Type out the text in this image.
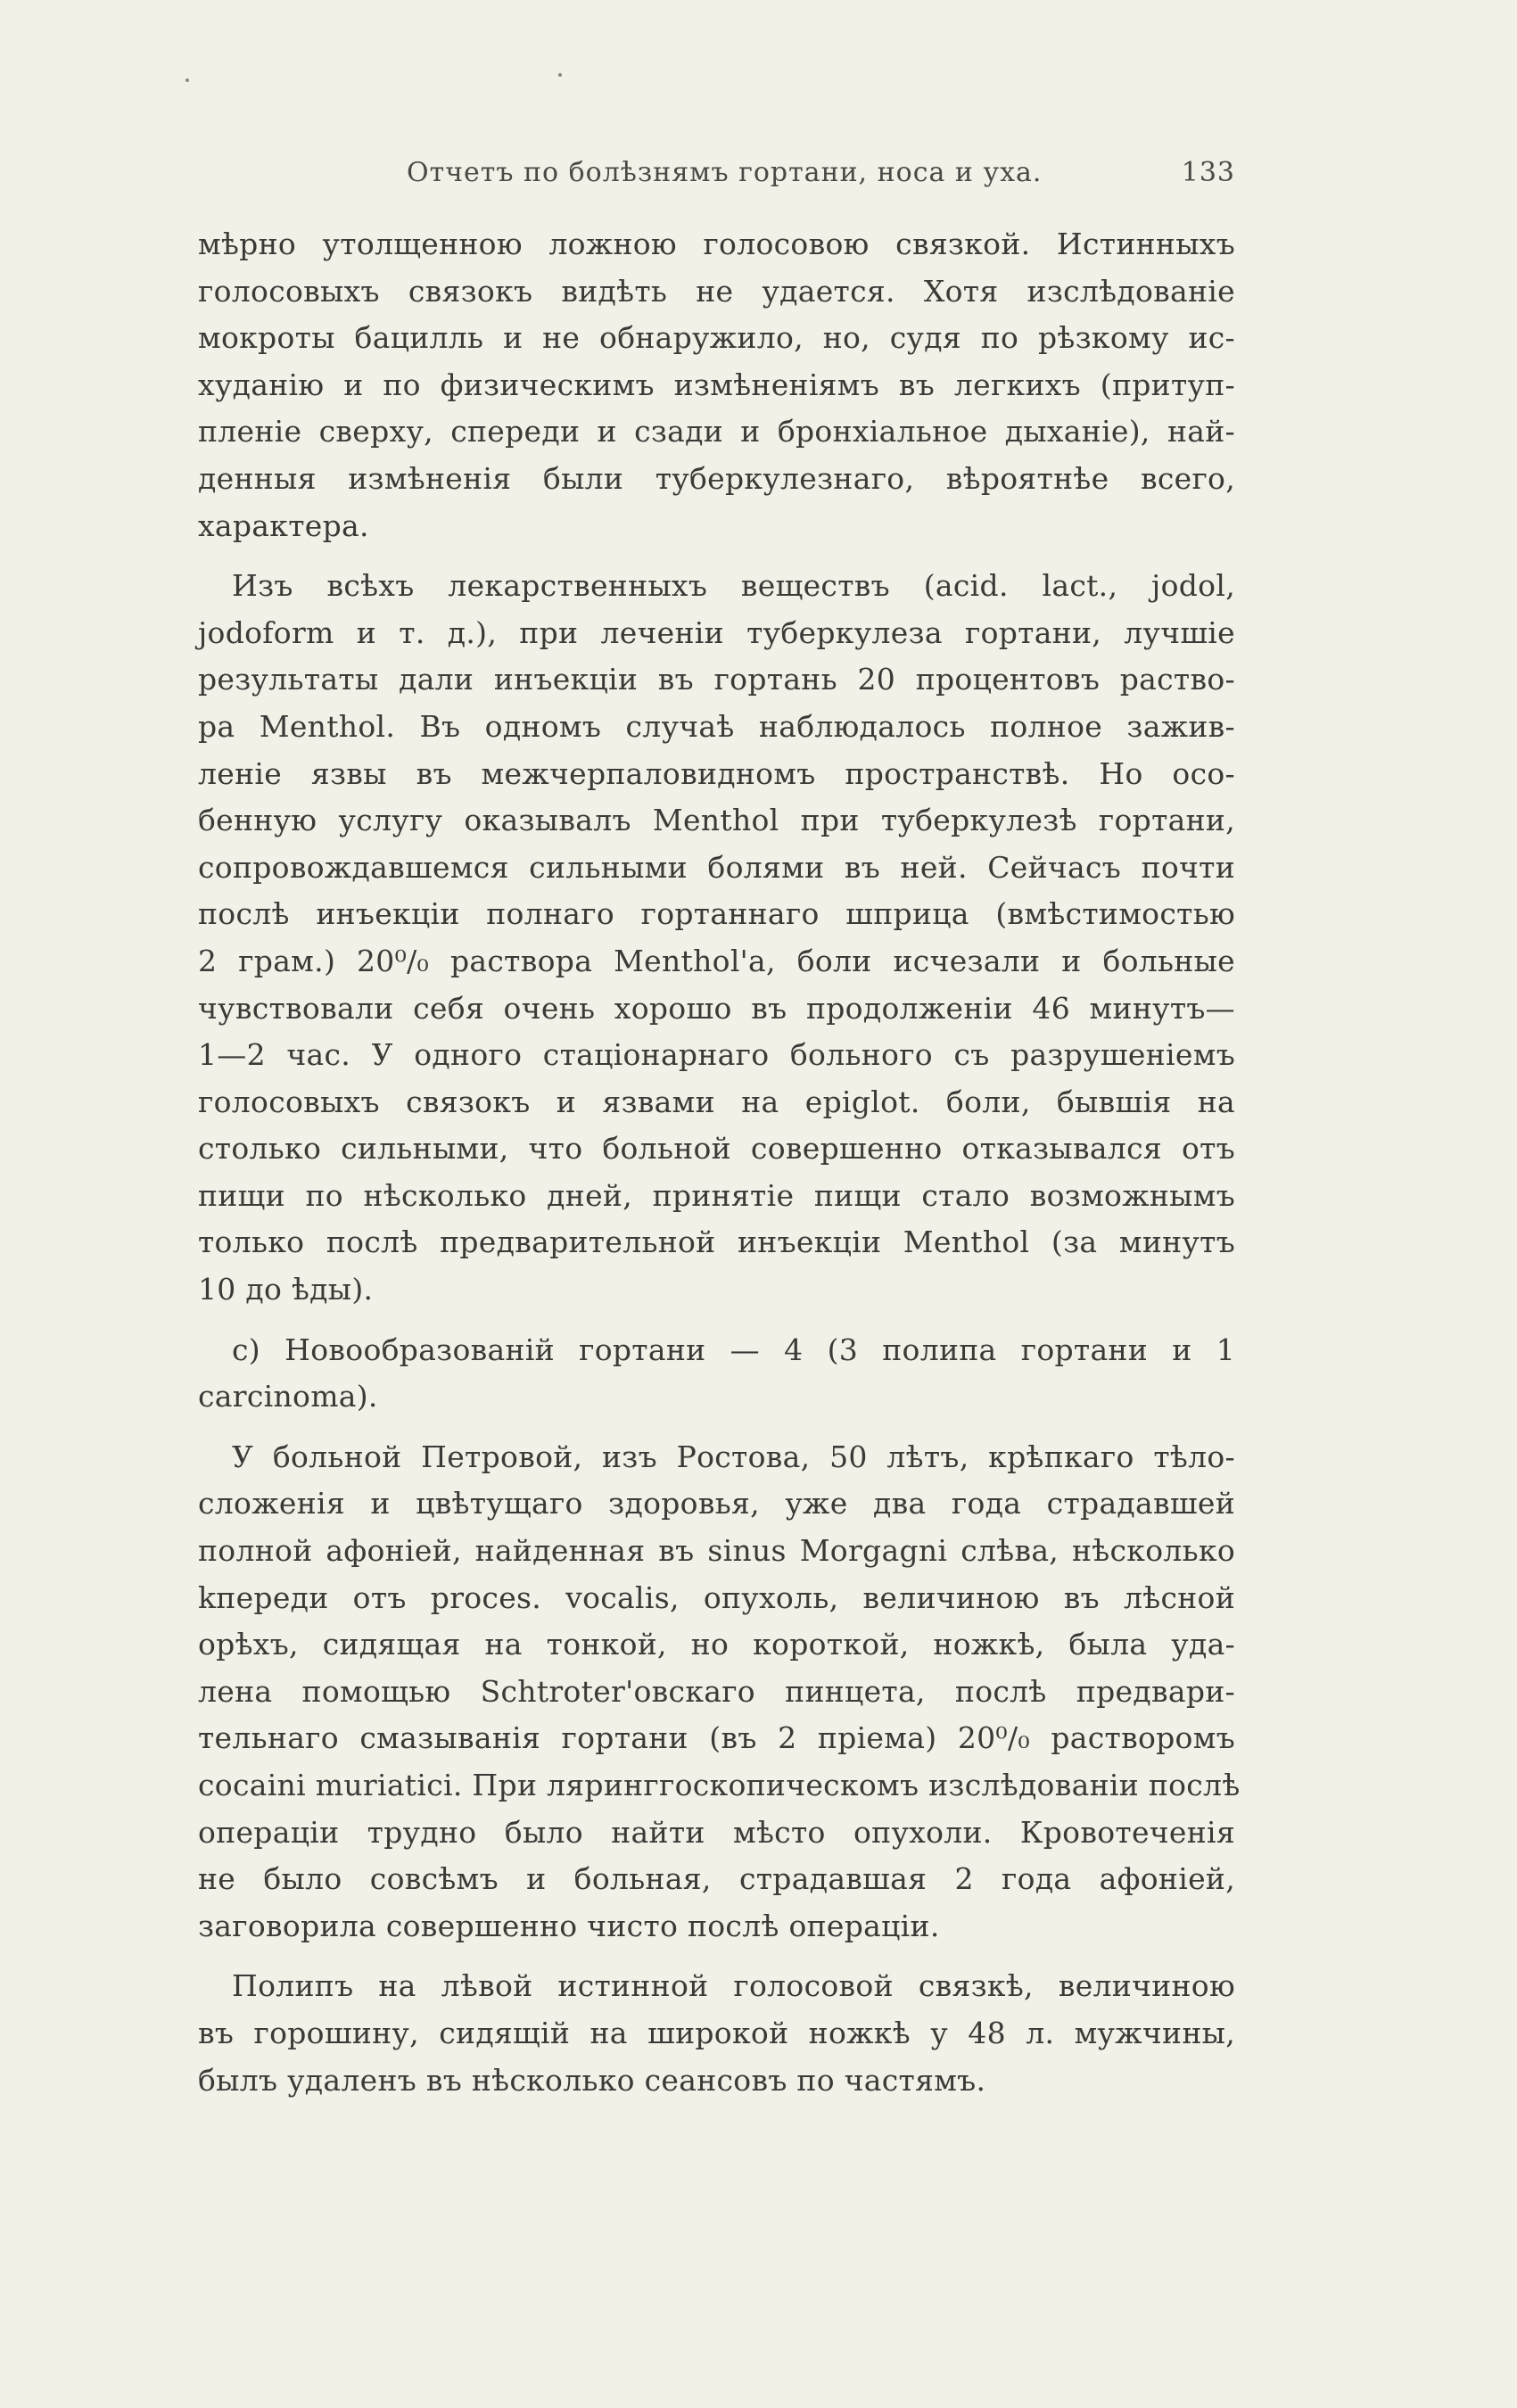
Отчетъ по болѣзнямъ гортани, носа и уха.	133
мѣрно утолщенною ложною голосовою связкой. Истинныхъ
голосовыхъ связокъ видѣть не удается. Хотя изслѣдованіе
мокроты бацилль и не обнаружило, но, судя по рѣзкому ис-
худанію и по физическимъ измѣненіямъ въ легкихъ (притуп-
пленіе сверху, спереди и сзади и бронхіальное дыханіе), най-
денныя измѣненія были туберкулезнаго, вѣроятнѣе всего,
характера.
Изъ всѣхъ лекарственныхъ веществъ (acid. lact., jodol,
jodoform и т. д.), при леченіи туберкулеза гортани, лучшіе
результаты дали инъекціи въ гортань 20 процентовъ раство-
ра Menthol. Въ одномъ случаѣ наблюдалось полное зажив-
леніе язвы въ межчерпаловидномъ пространствѣ. Но осо-
бенную услугу оказывалъ Menthol при туберкулезѣ гортани,
сопровождавшемся сильными болями въ ней. Сейчасъ почти
послѣ инъекціи полнаго гортаннаго шприца (вмѣстимостью
2 грам.) 20⁰/₀ раствора Menthol'а, боли исчезали и больные
чувствовали себя очень хорошо въ продолженіи 46 минутъ—
1—2 час. У одного стаціонарнаго больного съ разрушеніемъ
голосовыхъ связокъ и язвами на epiglot. боли, бывшія на
столько сильными, что больной совершенно отказывался отъ
пищи по нѣсколько дней, принятіе пищи стало возможнымъ
только послѣ предварительной инъекціи Menthol (за минутъ
10 до ѣды).
c) Новообразованій гортани — 4 (3 полипа гортани и 1
carcinoma).
У больной Петровой, изъ Ростова, 50 лѣтъ, крѣпкаго тѣло-
сложенія и цвѣтущаго здоровья, уже два года страдавшей
полной афоніей, найденная въ sinus Morgagni слѣва, нѣсколько
kпереди отъ proces. vocalis, опухоль, величиною въ лѣсной
орѣхъ, сидящая на тонкой, но короткой, ножкѣ, была уда-
лена помощью Schtroter'овскаго пинцета, послѣ предвари-
тельнаго смазыванія гортани (въ 2 пріема) 20⁰/₀ растворомъ
cocaini muriatici. При ляринггоскопическомъ изслѣдованіи послѣ
операціи трудно было найти мѣсто опухоли. Кровотеченія
не было совсѣмъ и больная, страдавшая 2 года афоніей,
заговорила совершенно чисто послѣ операціи.
Полипъ на лѣвой истинной голосовой связкѣ, величиною
въ горошину, сидящій на широкой ножкѣ у 48 л. мужчины,
былъ удаленъ въ нѣсколько сеансовъ по частямъ.
